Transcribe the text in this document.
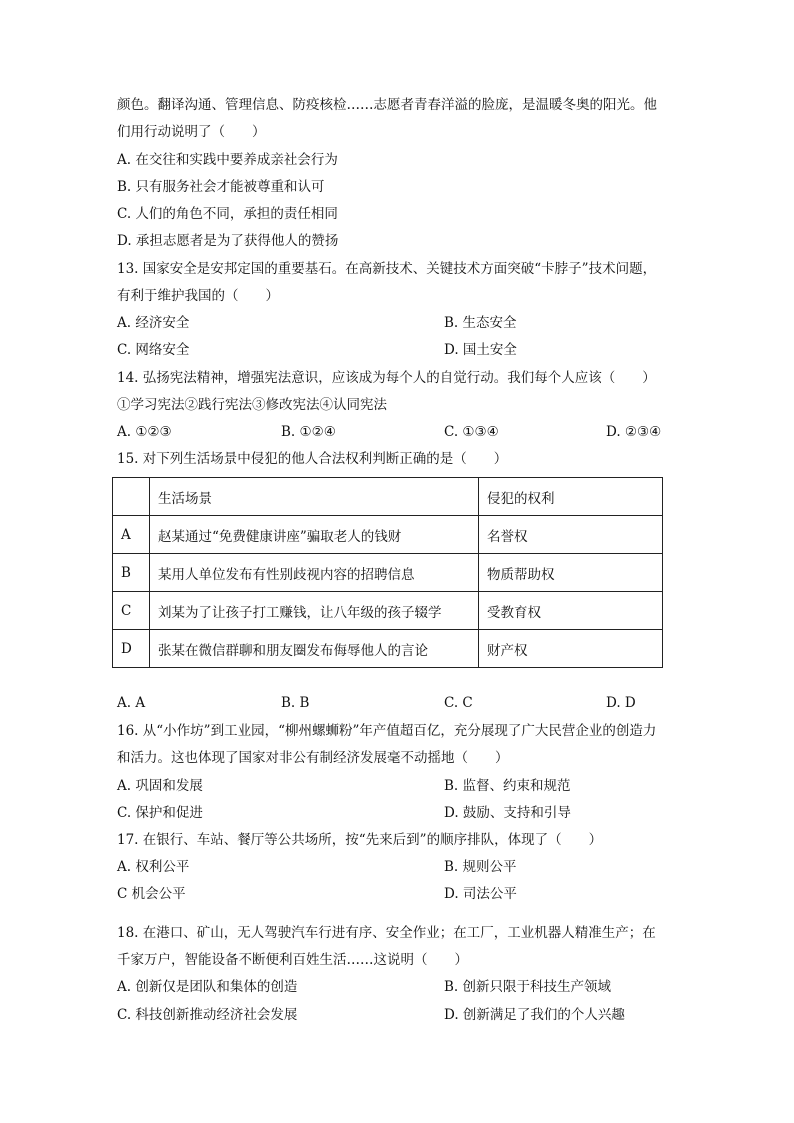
颜色。翻译沟通、管理信息、防疫核检……志愿者青春洋溢的脸庞，是温暖冬奥的阳光。他
们用行动说明了（　　）
A. 在交往和实践中要养成亲社会行为
B. 只有服务社会才能被尊重和认可
C. 人们的角色不同，承担的责任相同
D. 承担志愿者是为了获得他人的赞扬
13. 国家安全是安邦定国的重要基石。在高新技术、关键技术方面突破“卡脖子”技术问题，
有利于维护我国的（　　）
A. 经济安全	B. 生态安全
C. 网络安全	D. 国土安全
14. 弘扬宪法精神，增强宪法意识，应该成为每个人的自觉行动。我们每个人应该（　　）
①学习宪法②践行宪法③修改宪法④认同宪法
A. ①②③	B. ①②④	C. ①③④	D. ②③④
15. 对下列生活场景中侵犯的他人合法权利判断正确的是（　　）
	生活场景	侵犯的权利
A	赵某通过“免费健康讲座”骗取老人的钱财	名誉权
B	某用人单位发布有性别歧视内容的招聘信息	物质帮助权
C	刘某为了让孩子打工赚钱，让八年级的孩子辍学	受教育权
D	张某在微信群聊和朋友圈发布侮辱他人的言论	财产权
A. A	B. B	C. C	D. D
16. 从“小作坊”到工业园，“柳州螺蛳粉”年产值超百亿，充分展现了广大民营企业的创造力
和活力。这也体现了国家对非公有制经济发展毫不动摇地（　　）
A. 巩固和发展	B. 监督、约束和规范
C. 保护和促进	D. 鼓励、支持和引导
17. 在银行、车站、餐厅等公共场所，按“先来后到”的顺序排队，体现了（　　）
A. 权利公平	B. 规则公平
C 机会公平	D. 司法公平
18. 在港口、矿山，无人驾驶汽车行进有序、安全作业；在工厂，工业机器人精准生产；在
千家万户，智能设备不断便利百姓生活……这说明（　　）
A. 创新仅是团队和集体的创造	B. 创新只限于科技生产领域
C. 科技创新推动经济社会发展	D. 创新满足了我们的个人兴趣
